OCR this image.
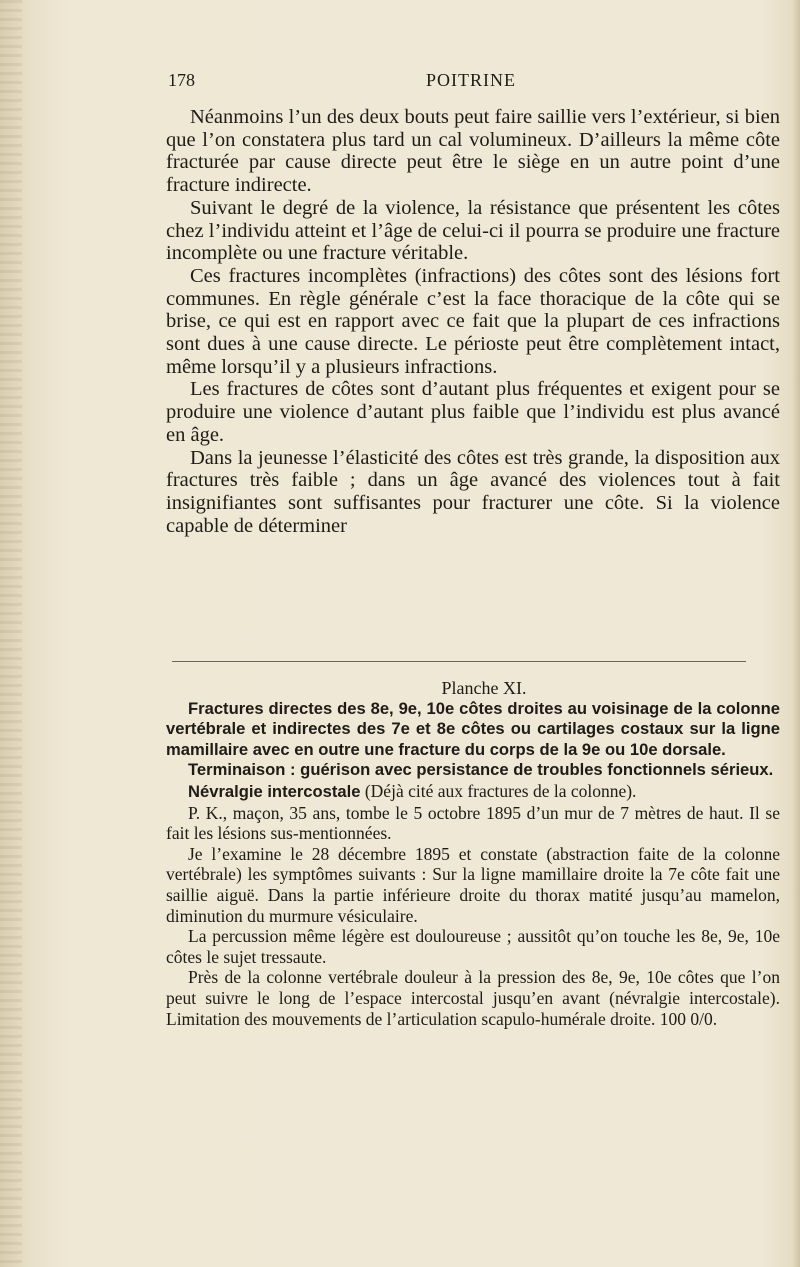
178	POITRINE

Néanmoins l’un des deux bouts peut faire saillie vers l’extérieur, si bien que l’on constatera plus tard un cal volumineux. D’ailleurs la même côte fracturée par cause directe peut être le siège en un autre point d’une fracture indirecte.

Suivant le degré de la violence, la résistance que présentent les côtes chez l’individu atteint et l’âge de celui-ci il pourra se produire une fracture incomplète ou une fracture véritable.

Ces fractures incomplètes (infractions) des côtes sont des lésions fort communes. En règle générale c’est la face thoracique de la côte qui se brise, ce qui est en rapport avec ce fait que la plupart de ces infractions sont dues à une cause directe. Le périoste peut être complètement intact, même lorsqu’il y a plusieurs infractions.

Les fractures de côtes sont d’autant plus fréquentes et exigent pour se produire une violence d’autant plus faible que l’individu est plus avancé en âge.

Dans la jeunesse l’élasticité des côtes est très grande, la disposition aux fractures très faible ; dans un âge avancé des violences tout à fait insignifiantes sont suffisantes pour fracturer une côte. Si la violence capable de déterminer

Planche XI.

Fractures directes des 8e, 9e, 10e côtes droites au voisinage de la colonne vertébrale et indirectes des 7e et 8e côtes ou cartilages costaux sur la ligne mamillaire avec en outre une fracture du corps de la 9e ou 10e dorsale.

Terminaison : guérison avec persistance de troubles fonctionnels sérieux.

Névralgie intercostale (Déjà cité aux fractures de la colonne).

P. K., maçon, 35 ans, tombe le 5 octobre 1895 d’un mur de 7 mètres de haut. Il se fait les lésions sus-mentionnées.

Je l’examine le 28 décembre 1895 et constate (abstraction faite de la colonne vertébrale) les symptômes suivants : Sur la ligne mamillaire droite la 7e côte fait une saillie aiguë. Dans la partie inférieure droite du thorax matité jusqu’au mamelon, diminution du murmure vésiculaire.

La percussion même légère est douloureuse ; aussitôt qu’on touche les 8e, 9e, 10e côtes le sujet tressaute.

Près de la colonne vertébrale douleur à la pression des 8e, 9e, 10e côtes que l’on peut suivre le long de l’espace intercostal jusqu’en avant (névralgie intercostale). Limitation des mouvements de l’articulation scapulo-humérale droite. 100 0/0.
